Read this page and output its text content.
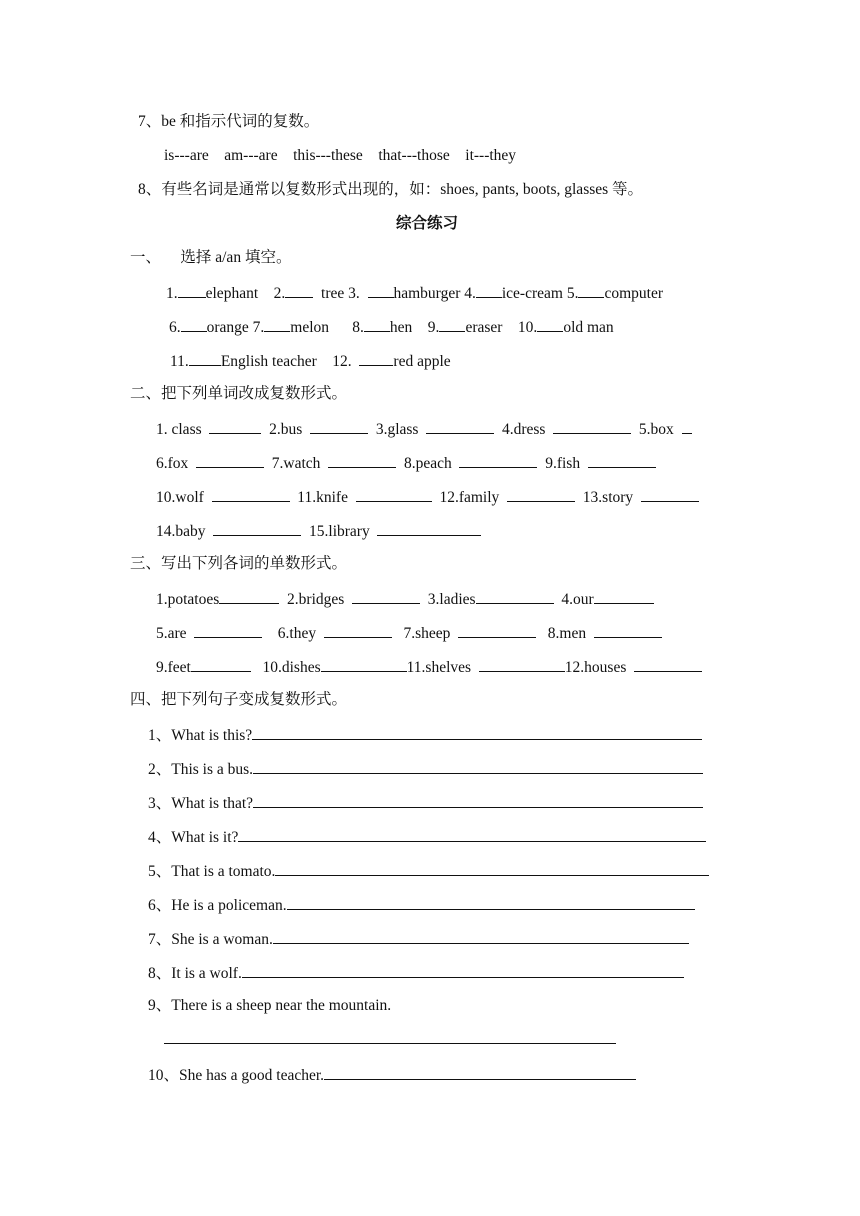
7、be 和指示代词的复数。
is---are    am---are    this---these    that---those    it---they
8、有些名词是通常以复数形式出现的，如：shoes, pants, boots, glasses 等。
综合练习
一、     选择 a/an 填空。
1. elephant    2.  tree 3.  hamburger 4. ice-cream 5. computer
6. orange 7. melon      8. hen    9. eraser    10. old man
11. English teacher    12.  red apple
二、把下列单词改成复数形式。
1. class	2.bus	3.glass	4.dress	5.box
6.fox	7.watch	8.peach	9.fish
10.wolf	11.knife	12.family	13.story
14.baby	15.library
三、写出下列各词的单数形式。
1.potatoes	2.bridges	3.ladies	4.our
5.are	6.they	7.sheep	8.men
9.feet	10.dishes	11.shelves	12.houses
四、把下列句子变成复数形式。
1、What is this?
2、This is a bus.
3、What is that?
4、What is it?
5、That is a tomato.
6、He is a policeman.
7、She is a woman.
8、It is a wolf.
9、There is a sheep near the mountain.
10、She has a good teacher.
